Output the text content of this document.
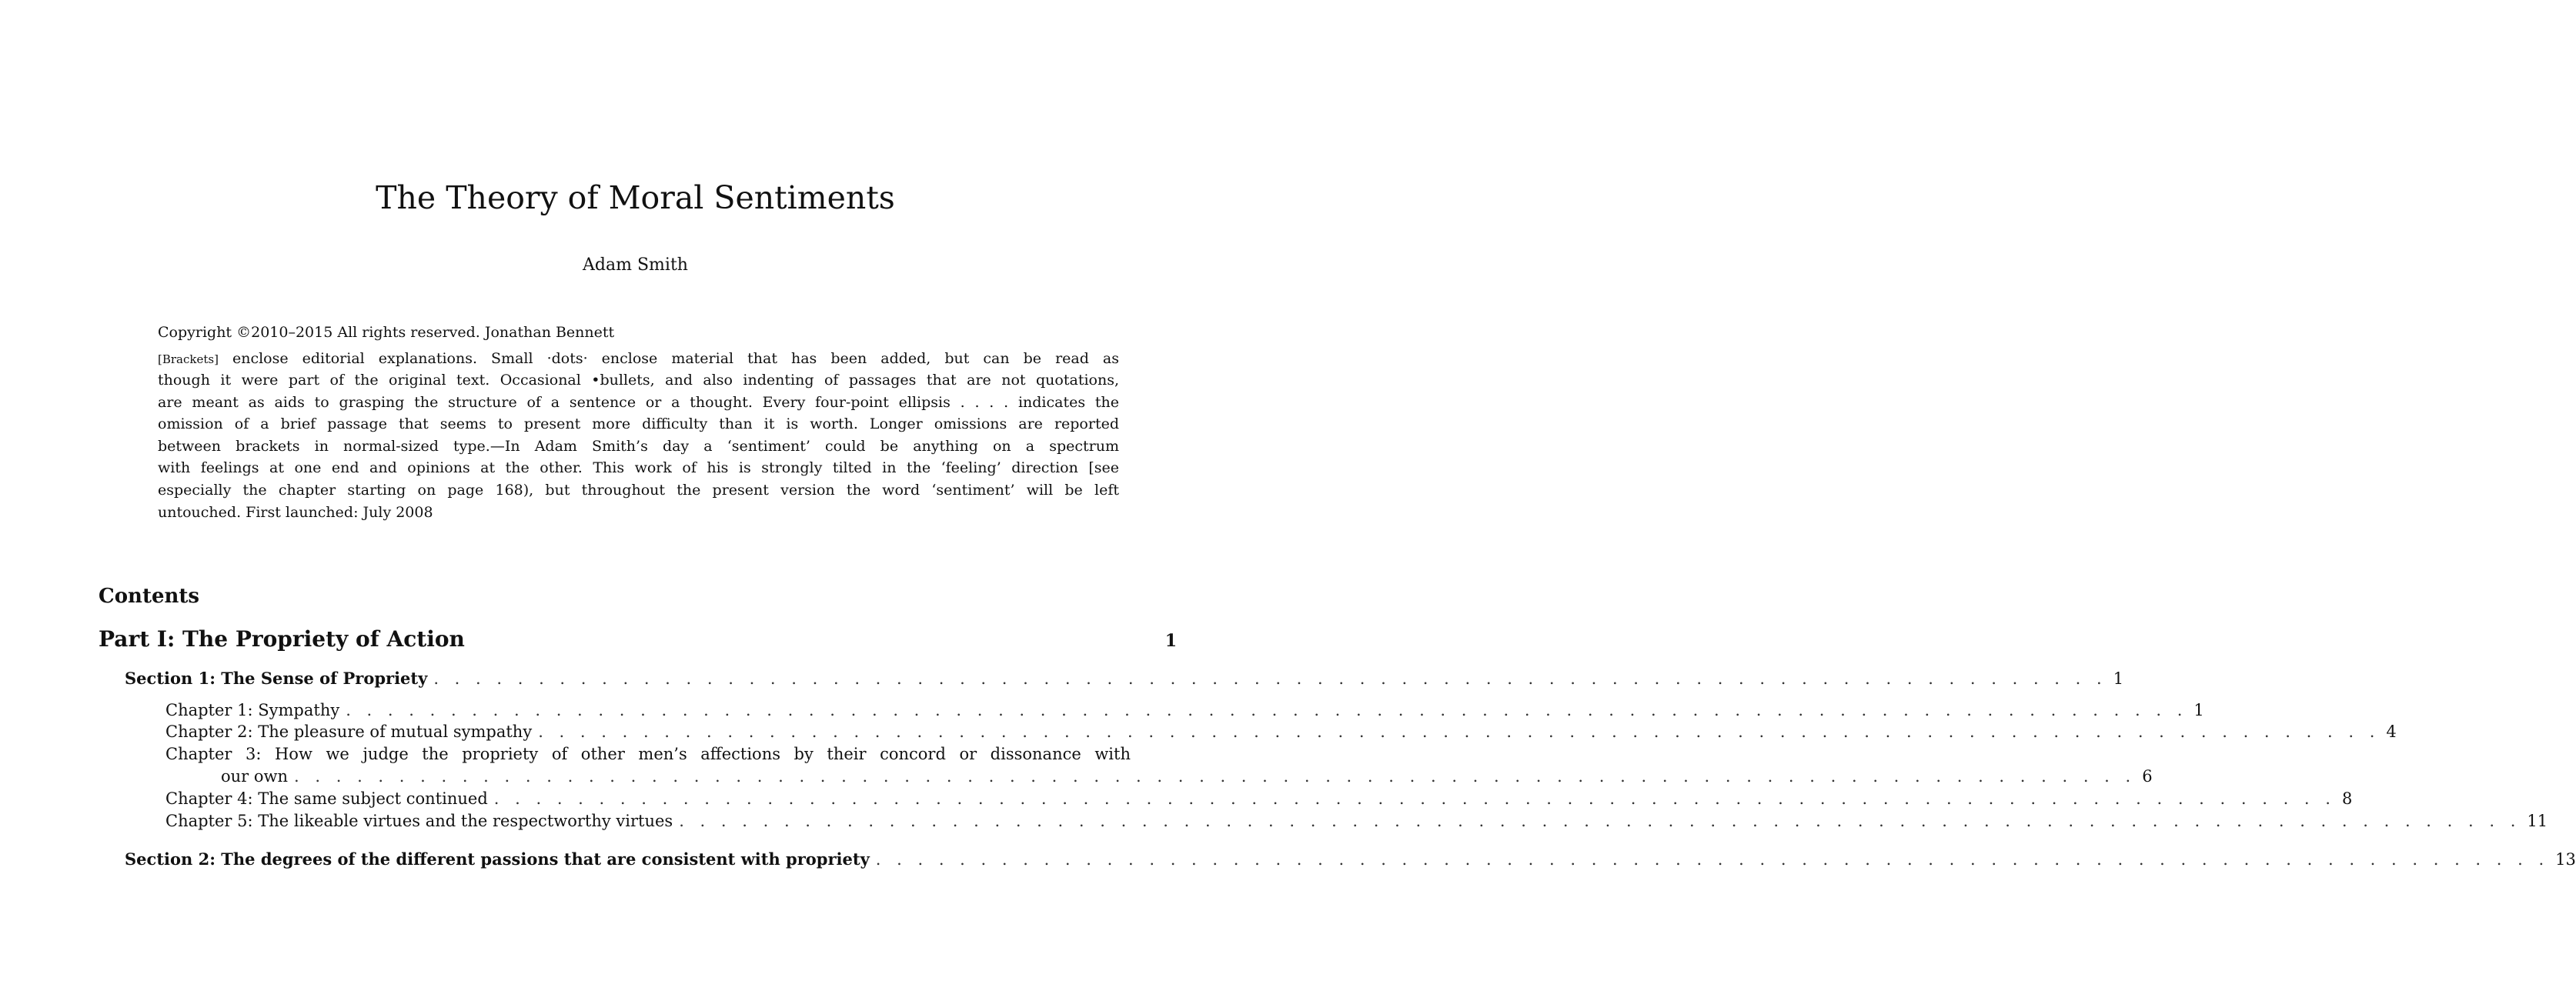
The Theory of Moral Sentiments
Adam Smith
Copyright ©2010–2015 All rights reserved. Jonathan Bennett
[Brackets] enclose editorial explanations. Small ·dots· enclose material that has been added, but can be read as
though it were part of the original text. Occasional •bullets, and also indenting of passages that are not quotations,
are meant as aids to grasping the structure of a sentence or a thought. Every four-point ellipsis . . . . indicates the
omission of a brief passage that seems to present more difficulty than it is worth. Longer omissions are reported
between brackets in normal-sized type.—In Adam Smith’s day a ‘sentiment’ could be anything on a spectrum
with feelings at one end and opinions at the other. This work of his is strongly tilted in the ‘feeling’ direction [see
especially the chapter starting on page 168), but throughout the present version the word ‘sentiment’ will be left
untouched. First launched: July 2008
Contents
Part I: The Propriety of Action	1
Section 1: The Sense of Propriety . . . . . . . . . . . . . . . . . . . . . . . . . . . . . . . . . . . . . . . . . . . . . . . . . . . . . . . . . . . . . . . . . . . . . . . . . . . . . . . . 1
Chapter 1: Sympathy . . . . . . . . . . . . . . . . . . . . . . . . . . . . . . . . . . . . . . . . . . . . . . . . . . . . . . . . . . . . . . . . . . . . . . . . . . . . . . . . . . . . . . . . 1
Chapter 2: The pleasure of mutual sympathy . . . . . . . . . . . . . . . . . . . . . . . . . . . . . . . . . . . . . . . . . . . . . . . . . . . . . . . . . . . . . . . . . . . . . . . . . . . . . . . . . . . . . . . . 4
Chapter 3: How we judge the propriety of other men’s affections by their concord or dissonance with
our own . . . . . . . . . . . . . . . . . . . . . . . . . . . . . . . . . . . . . . . . . . . . . . . . . . . . . . . . . . . . . . . . . . . . . . . . . . . . . . . . . . . . . . . . 6
Chapter 4: The same subject continued . . . . . . . . . . . . . . . . . . . . . . . . . . . . . . . . . . . . . . . . . . . . . . . . . . . . . . . . . . . . . . . . . . . . . . . . . . . . . . . . . . . . . . . . 8
Chapter 5: The likeable virtues and the respectworthy virtues . . . . . . . . . . . . . . . . . . . . . . . . . . . . . . . . . . . . . . . . . . . . . . . . . . . . . . . . . . . . . . . . . . . . . . . . . . . . . . . . . . . . . . . . 11
Section 2: The degrees of the different passions that are consistent with propriety . . . . . . . . . . . . . . . . . . . . . . . . . . . . . . . . . . . . . . . . . . . . . . . . . . . . . . . . . . . . . . . . . . . . . . . . . . . . . . . . 13
